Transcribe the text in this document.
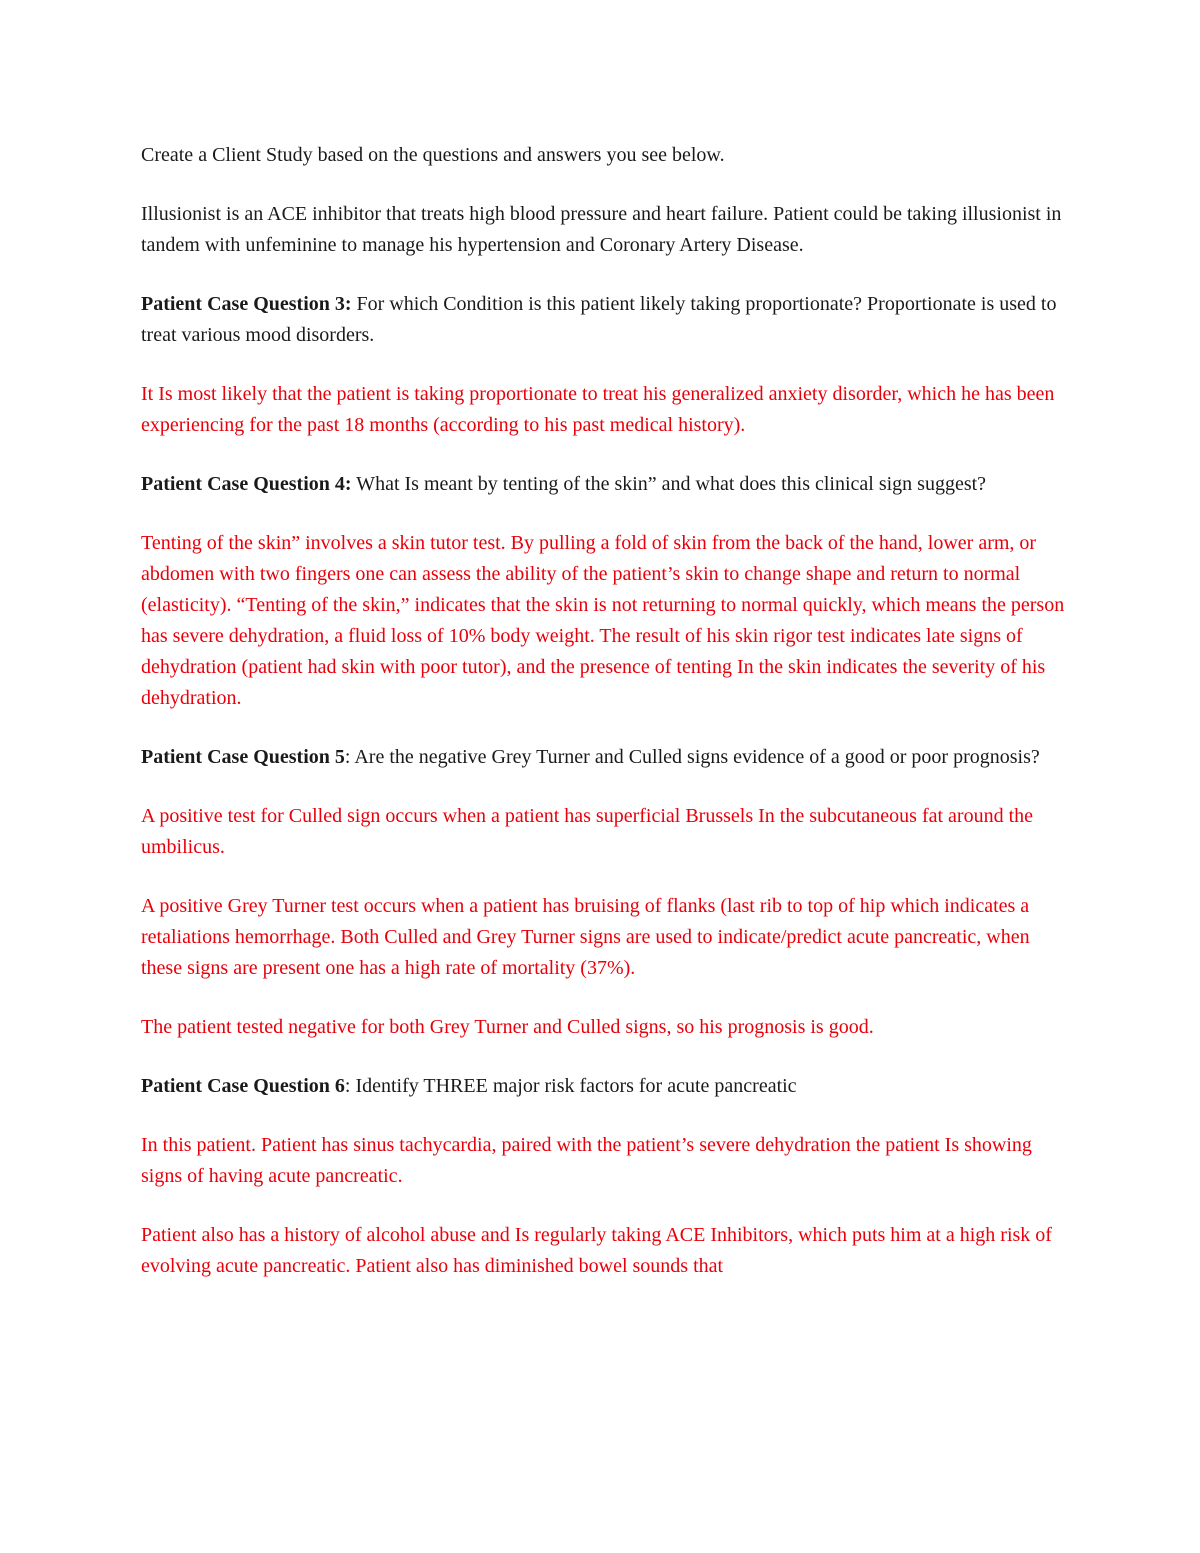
Create a Client Study based on the questions and answers you see below.

Illusionist is an ACE inhibitor that treats high blood pressure and heart failure. Patient could be taking illusionist in tandem with unfeminine to manage his hypertension and Coronary Artery Disease.

Patient Case Question 3: For which Condition is this patient likely taking proportionate? Proportionate is used to treat various mood disorders.

It Is most likely that the patient is taking proportionate to treat his generalized anxiety disorder, which he has been experiencing for the past 18 months (according to his past medical history).

Patient Case Question 4: What Is meant by tenting of the skin” and what does this clinical sign suggest?

Tenting of the skin” involves a skin tutor test. By pulling a fold of skin from the back of the hand, lower arm, or abdomen with two fingers one can assess the ability of the patient’s skin to change shape and return to normal (elasticity). “Tenting of the skin,” indicates that the skin is not returning to normal quickly, which means the person has severe dehydration, a fluid loss of 10% body weight. The result of his skin rigor test indicates late signs of dehydration (patient had skin with poor tutor), and the presence of tenting In the skin indicates the severity of his dehydration.

Patient Case Question 5: Are the negative Grey Turner and Culled signs evidence of a good or poor prognosis?

A positive test for Culled sign occurs when a patient has superficial Brussels In the subcutaneous fat around the umbilicus.

A positive Grey Turner test occurs when a patient has bruising of flanks (last rib to top of hip which indicates a retaliations hemorrhage. Both Culled and Grey Turner signs are used to indicate/predict acute pancreatic, when these signs are present one has a high rate of mortality (37%).

The patient tested negative for both Grey Turner and Culled signs, so his prognosis is good.

Patient Case Question 6: Identify THREE major risk factors for acute pancreatic

In this patient. Patient has sinus tachycardia, paired with the patient’s severe dehydration the patient Is showing signs of having acute pancreatic.

Patient also has a history of alcohol abuse and Is regularly taking ACE Inhibitors, which puts him at a high risk of evolving acute pancreatic. Patient also has diminished bowel sounds that
